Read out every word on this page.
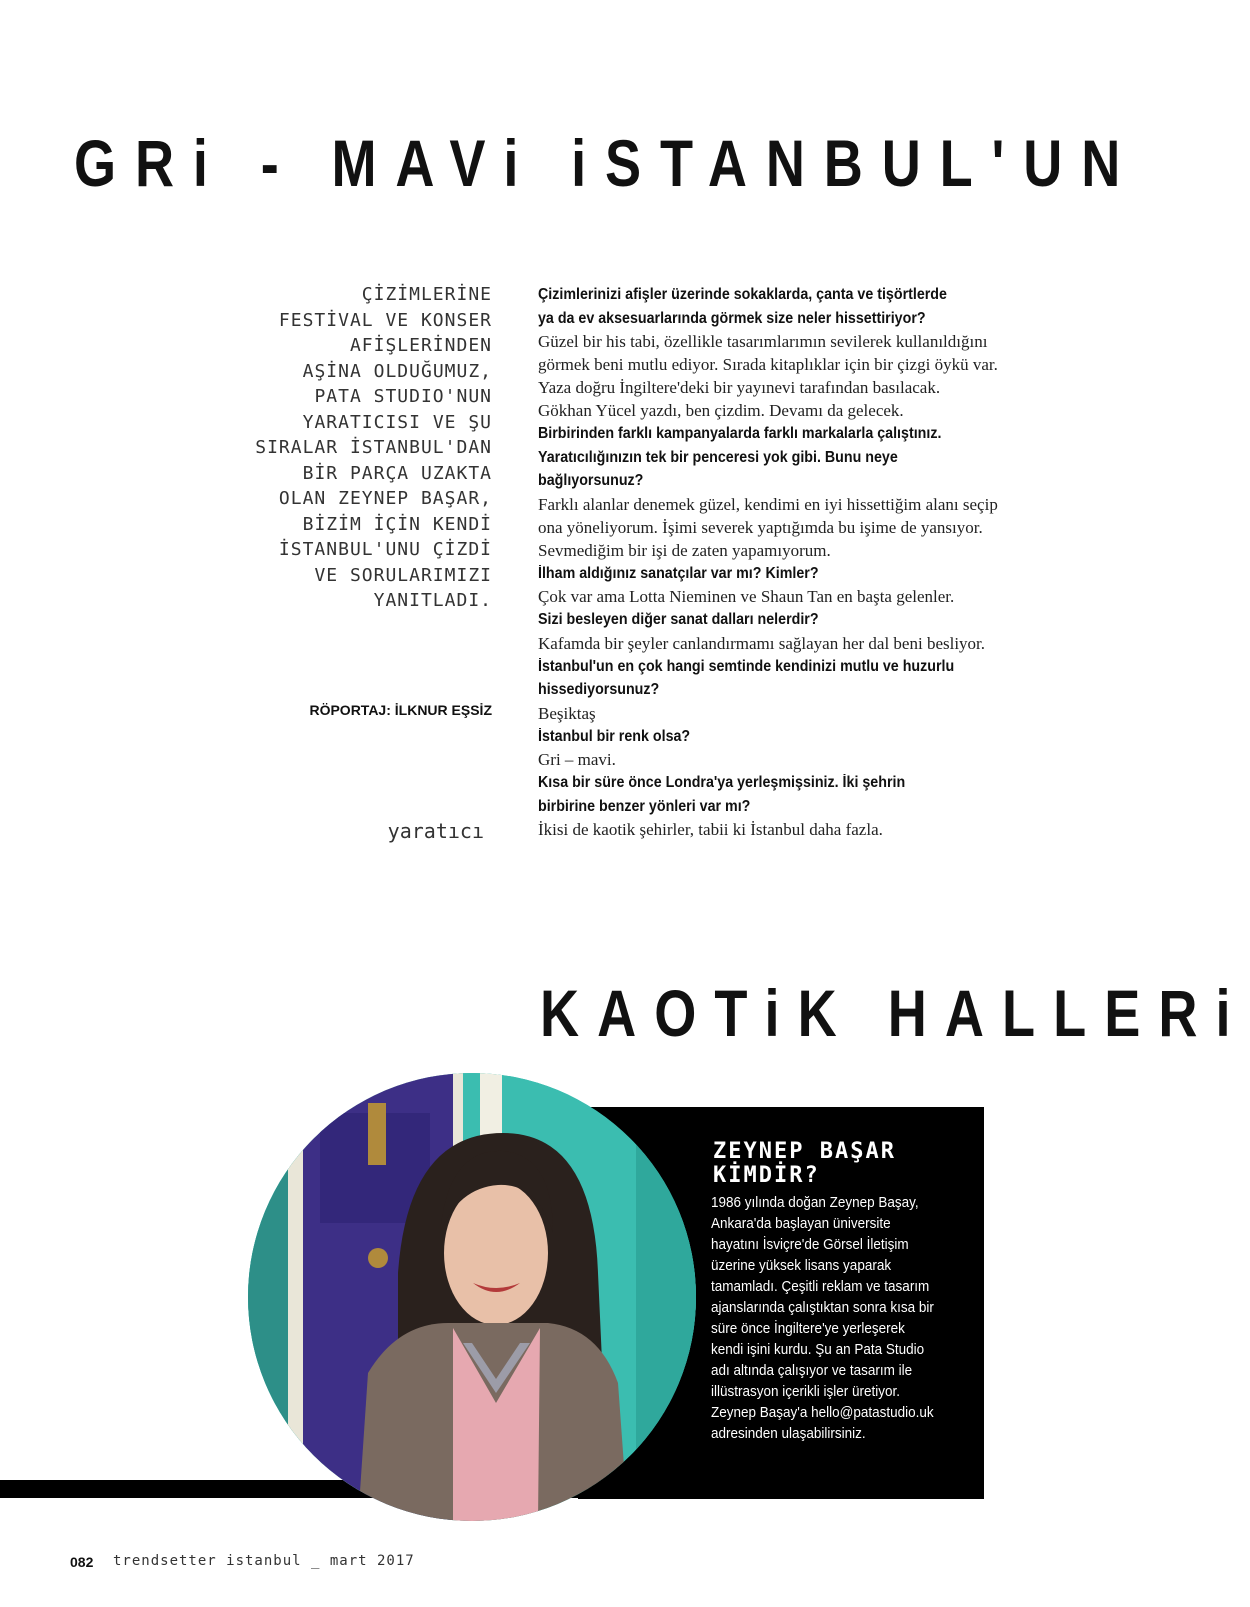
GRi - MAVi iSTANBUL'UN

ÇİZİMLERİNE
FESTİVAL VE KONSER
AFİŞLERİNDEN
AŞİNA OLDUĞUMUZ,
PATA STUDIO'NUN
YARATICISI VE ŞU
SIRALAR İSTANBUL'DAN
BİR PARÇA UZAKTA
OLAN ZEYNEP BAŞAR,
BİZİM İÇİN KENDİ
İSTANBUL'UNU ÇİZDİ
VE SORULARIMIZI
YANITLADI.

RÖPORTAJ: İLKNUR EŞSİZ

yaratıcı

Çizimlerinizi afişler üzerinde sokaklarda, çanta ve tişörtlerde ya da ev aksesuarlarında görmek size neler hissettiriyor?

Güzel bir his tabi, özellikle tasarımlarımın sevilerek kullanıldığını görmek beni mutlu ediyor. Sırada kitaplıklar için bir çizgi öykü var. Yaza doğru İngiltere'deki bir yayınevi tarafından basılacak. Gökhan Yücel yazdı, ben çizdim. Devamı da gelecek.

Birbirinden farklı kampanyalarda farklı markalarla çalıştınız. Yaratıcılığınızın tek bir penceresi yok gibi. Bunu neye bağlıyorsunuz?

Farklı alanlar denemek güzel, kendimi en iyi hissettiğim alanı seçip ona yöneliyorum. İşimi severek yaptığımda bu işime de yansıyor. Sevmediğim bir işi de zaten yapamıyorum.

İlham aldığınız sanatçılar var mı? Kimler?

Çok var ama Lotta Nieminen ve Shaun Tan en başta gelenler.

Sizi besleyen diğer sanat dalları nelerdir?

Kafamda bir şeyler canlandırmamı sağlayan her dal beni besliyor.

İstanbul'un en çok hangi semtinde kendinizi mutlu ve huzurlu hissediyorsunuz?

Beşiktaş

İstanbul bir renk olsa?

Gri – mavi.

Kısa bir süre önce Londra'ya yerleşmişsiniz. İki şehrin birbirine benzer yönleri var mı?

İkisi de kaotik şehirler, tabii ki İstanbul daha fazla.

KAOTiK HALLERi
ZEYNEP BAŞAR KİMDİR?

1986 yılında doğan Zeynep Başay, Ankara'da başlayan üniversite hayatını İsviçre'de Görsel İletişim üzerine yüksek lisans yaparak tamamladı. Çeşitli reklam ve tasarım ajanslarında çalıştıktan sonra kısa bir süre önce İngiltere'ye yerleşerek kendi işini kurdu. Şu an Pata Studio adı altında çalışıyor ve tasarım ile illüstrasyon içerikli işler üretiyor. Zeynep Başay'a hello@patastudio.uk adresinden ulaşabilirsiniz.

082 trendsetter istanbul _ mart 2017
